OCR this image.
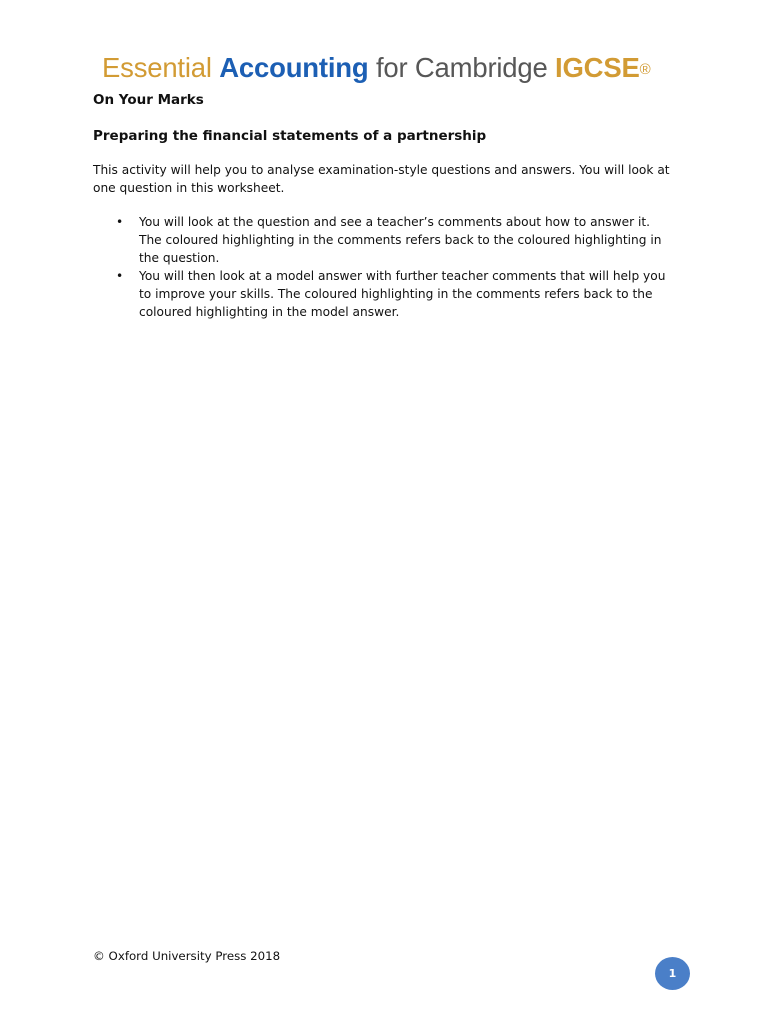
Essential Accounting for Cambridge IGCSE®
On Your Marks
Preparing the financial statements of a partnership

This activity will help you to analyse examination-style questions and answers. You will look at one question in this worksheet.

• You will look at the question and see a teacher’s comments about how to answer it. The coloured highlighting in the comments refers back to the coloured highlighting in the question.
• You will then look at a model answer with further teacher comments that will help you to improve your skills. The coloured highlighting in the comments refers back to the coloured highlighting in the model answer.
© Oxford University Press 2018
1
